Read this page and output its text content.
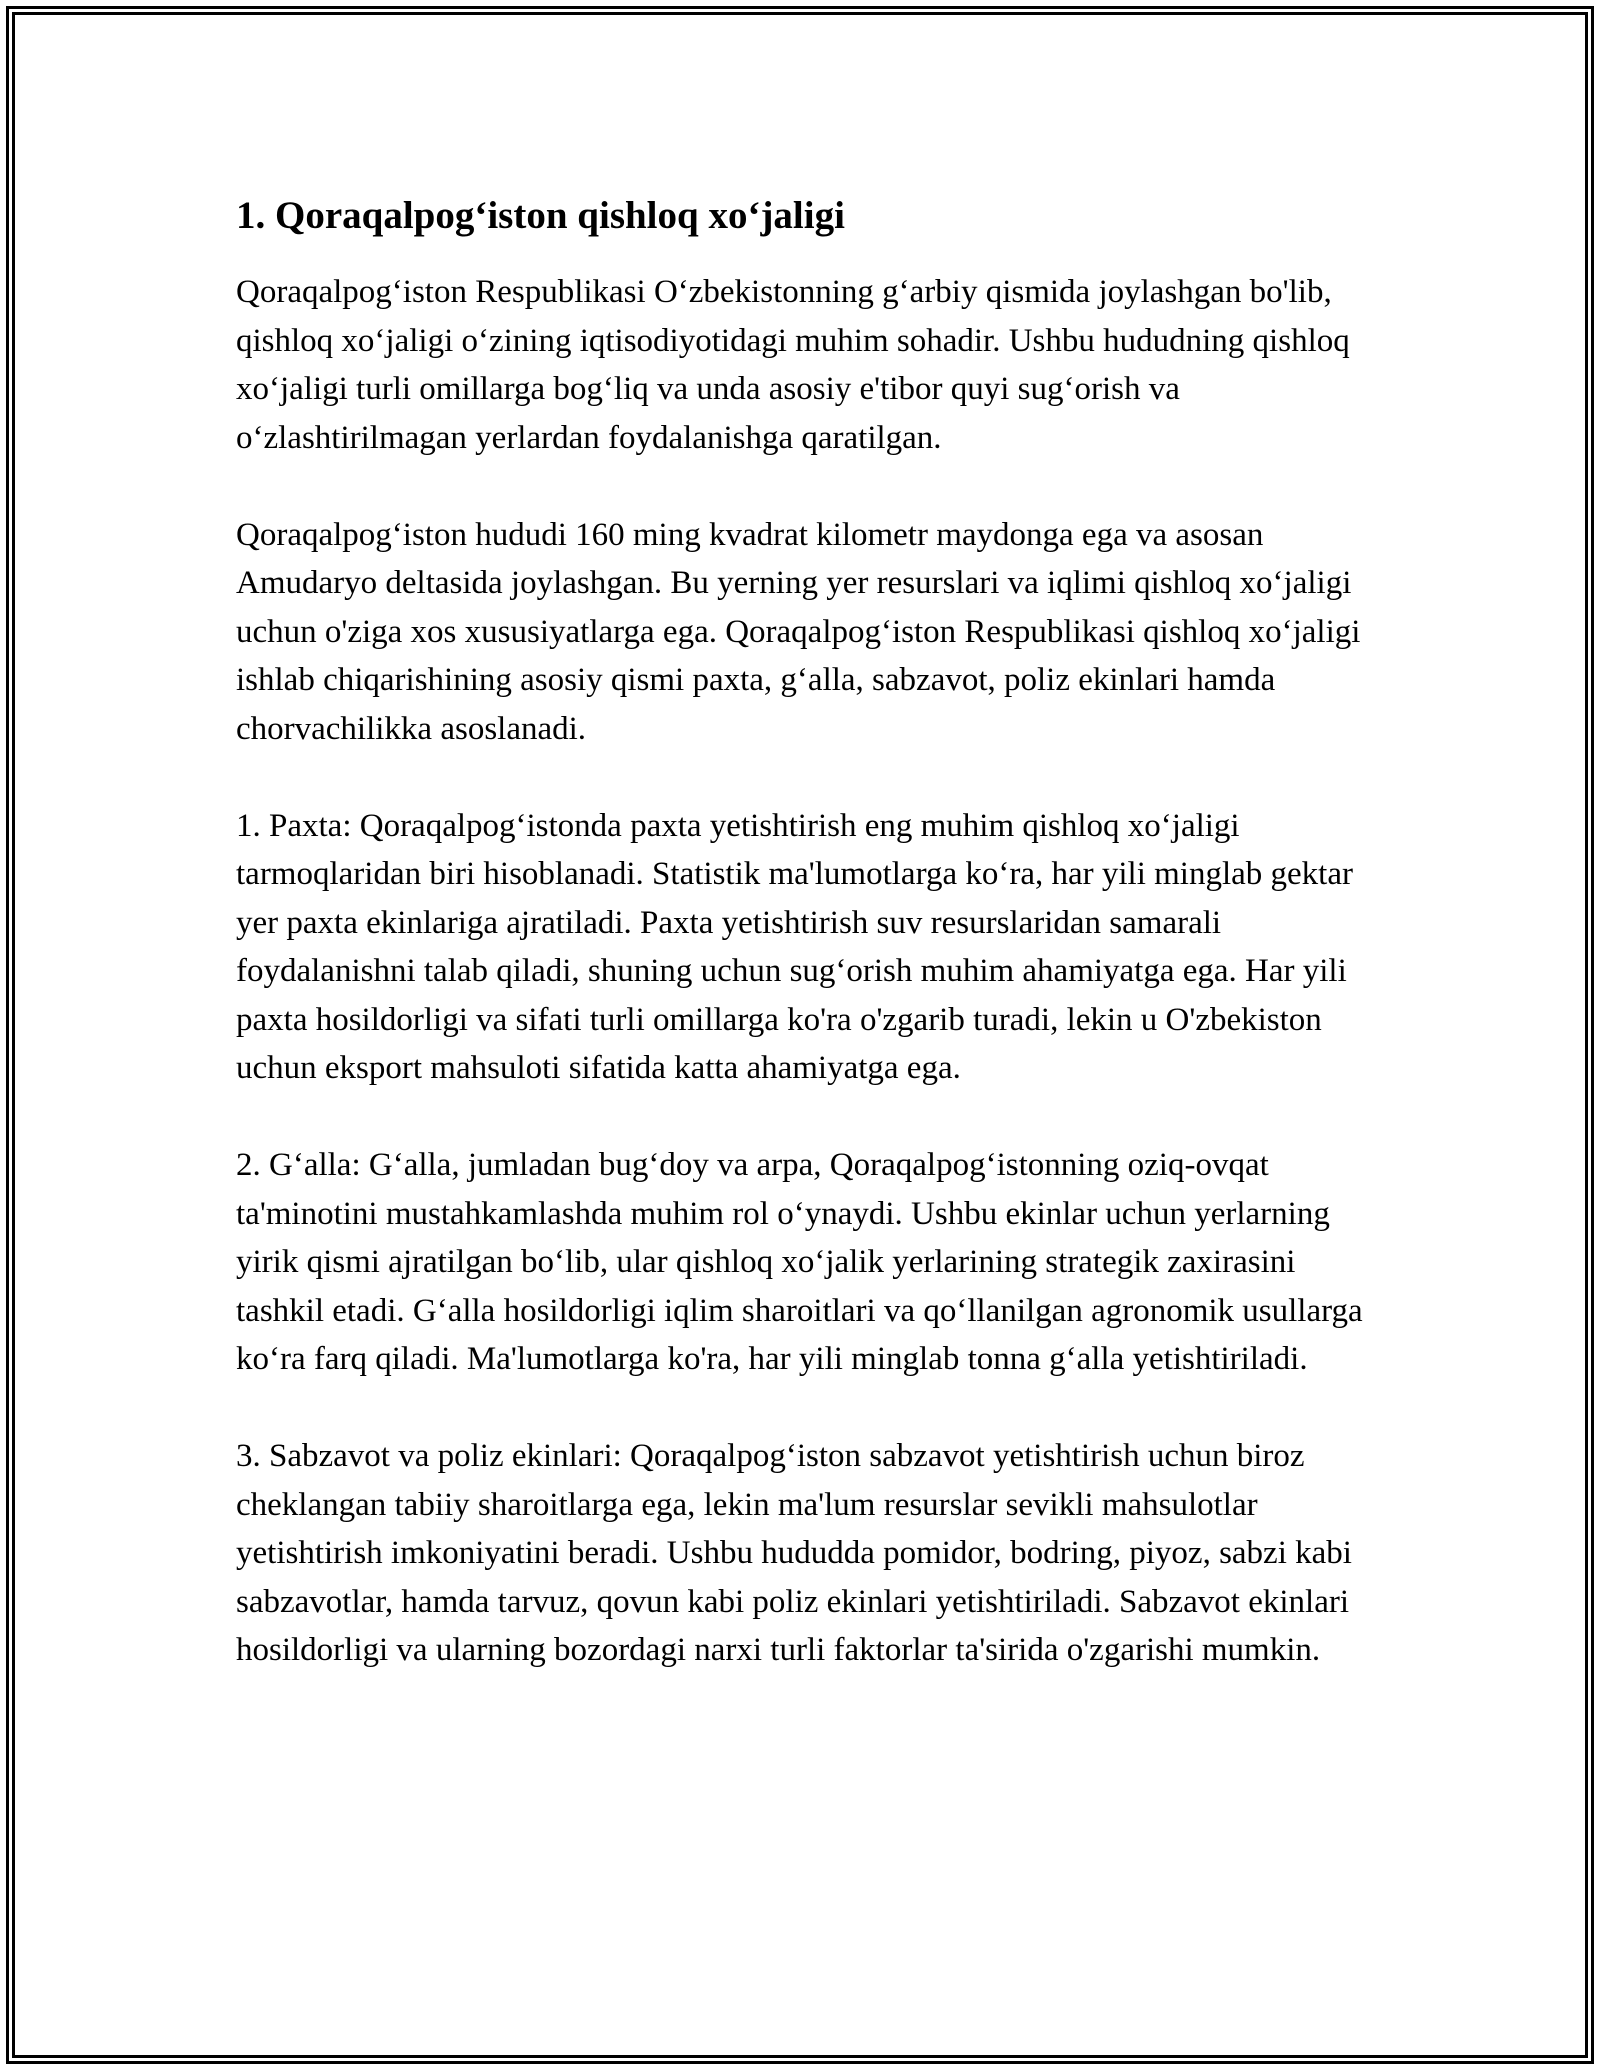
1. Qoraqalpog‘iston qishloq xo‘jaligi

Qoraqalpog‘iston Respublikasi O‘zbekistonning g‘arbiy qismida joylashgan bo'lib, qishloq xo‘jaligi o‘zining iqtisodiyotidagi muhim sohadir. Ushbu hududning qishloq xo‘jaligi turli omillarga bog‘liq va unda asosiy e'tibor quyi sug‘orish va o‘zlashtirilmagan yerlardan foydalanishga qaratilgan.

Qoraqalpog‘iston hududi 160 ming kvadrat kilometr maydonga ega va asosan Amudaryo deltasida joylashgan. Bu yerning yer resurslari va iqlimi qishloq xo‘jaligi uchun o'ziga xos xususiyatlarga ega. Qoraqalpog‘iston Respublikasi qishloq xo‘jaligi ishlab chiqarishining asosiy qismi paxta, g‘alla, sabzavot, poliz ekinlari hamda chorvachilikka asoslanadi.

1. Paxta: Qoraqalpog‘istonda paxta yetishtirish eng muhim qishloq xo‘jaligi tarmoqlaridan biri hisoblanadi. Statistik ma'lumotlarga ko‘ra, har yili minglab gektar yer paxta ekinlariga ajratiladi. Paxta yetishtirish suv resurslaridan samarali foydalanishni talab qiladi, shuning uchun sug‘orish muhim ahamiyatga ega. Har yili paxta hosildorligi va sifati turli omillarga ko'ra o'zgarib turadi, lekin u O'zbekiston uchun eksport mahsuloti sifatida katta ahamiyatga ega.

2. G‘alla: G‘alla, jumladan bug‘doy va arpa, Qoraqalpog‘istonning oziq-ovqat ta'minotini mustahkamlashda muhim rol o‘ynaydi. Ushbu ekinlar uchun yerlarning yirik qismi ajratilgan bo‘lib, ular qishloq xo‘jalik yerlarining strategik zaxirasini tashkil etadi. G‘alla hosildorligi iqlim sharoitlari va qo‘llanilgan agronomik usullarga ko‘ra farq qiladi. Ma'lumotlarga ko'ra, har yili minglab tonna g‘alla yetishtiriladi.

3. Sabzavot va poliz ekinlari: Qoraqalpog‘iston sabzavot yetishtirish uchun biroz cheklangan tabiiy sharoitlarga ega, lekin ma'lum resurslar sevikli mahsulotlar yetishtirish imkoniyatini beradi. Ushbu hududda pomidor, bodring, piyoz, sabzi kabi sabzavotlar, hamda tarvuz, qovun kabi poliz ekinlari yetishtiriladi. Sabzavot ekinlari hosildorligi va ularning bozordagi narxi turli faktorlar ta'sirida o'zgarishi mumkin.
